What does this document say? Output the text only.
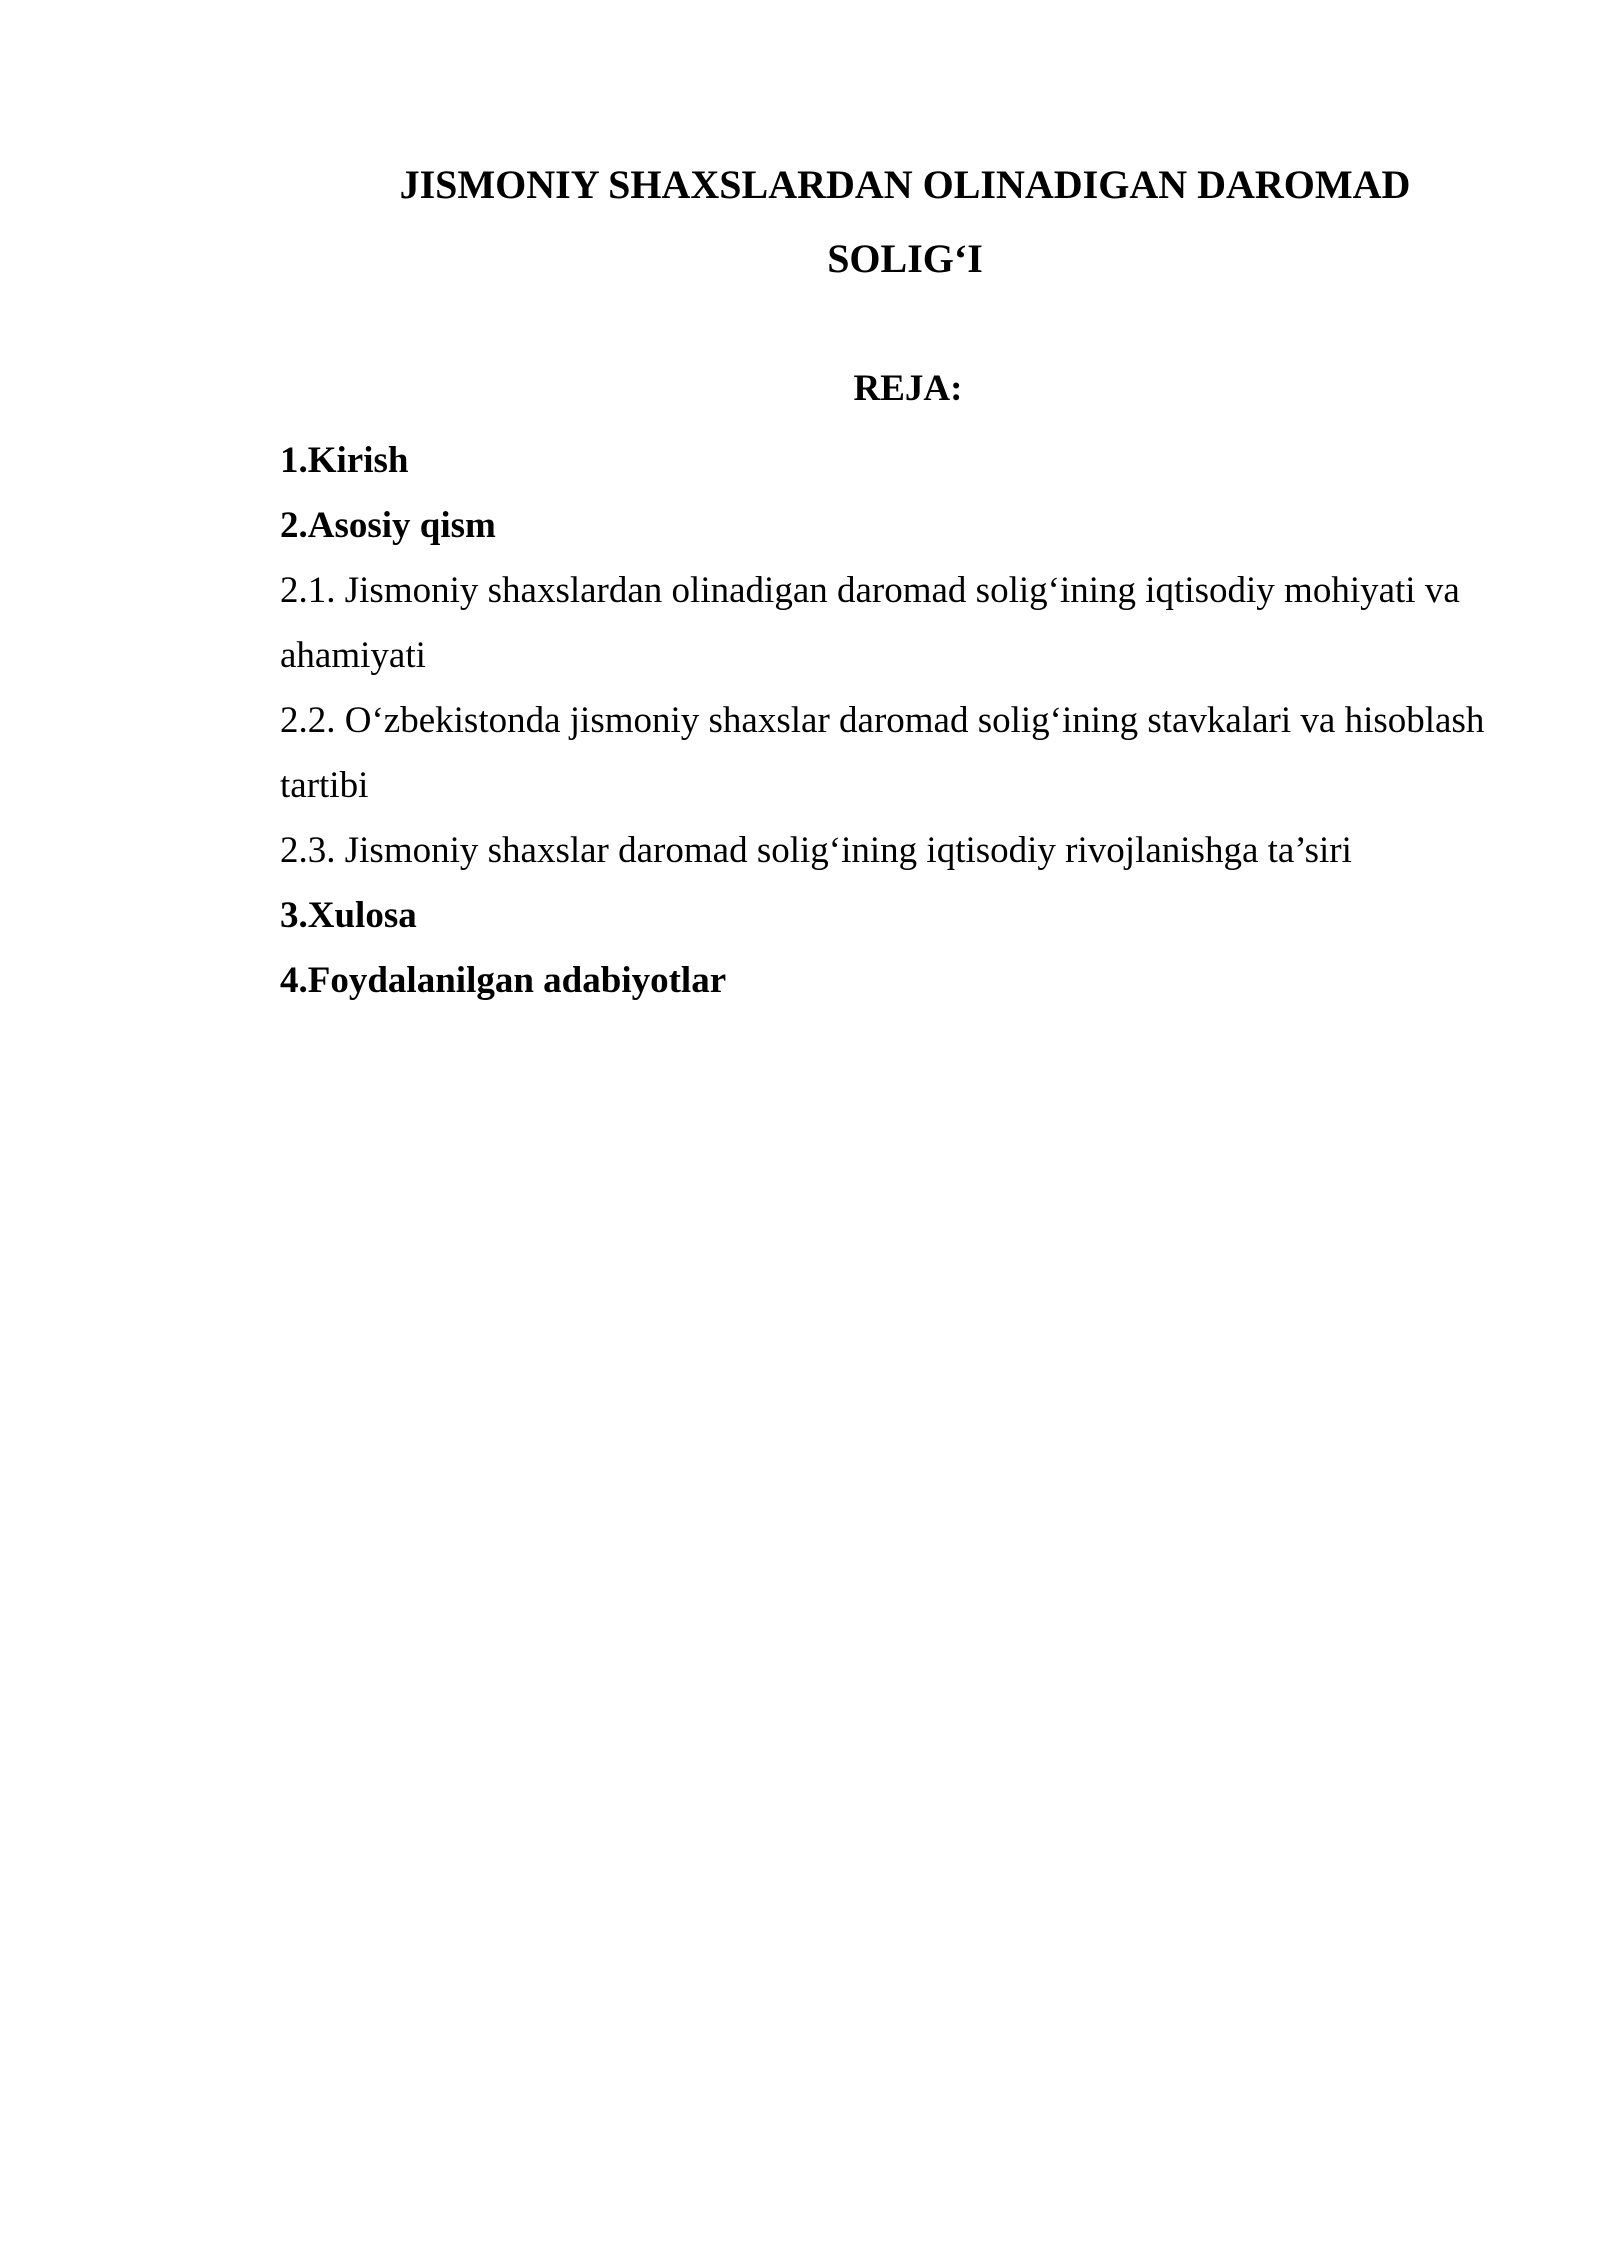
JISMONIY SHAXSLARDAN OLINADIGAN DAROMAD
SOLIG‘I
REJA:
1.Kirish
2.Asosiy qism
2.1. Jismoniy shaxslardan olinadigan daromad solig‘ining iqtisodiy mohiyati va ahamiyati
2.2. O‘zbekistonda jismoniy shaxslar daromad solig‘ining stavkalari va hisoblash tartibi
2.3. Jismoniy shaxslar daromad solig‘ining iqtisodiy rivojlanishga ta’siri
3.Xulosa
4.Foydalanilgan adabiyotlar
